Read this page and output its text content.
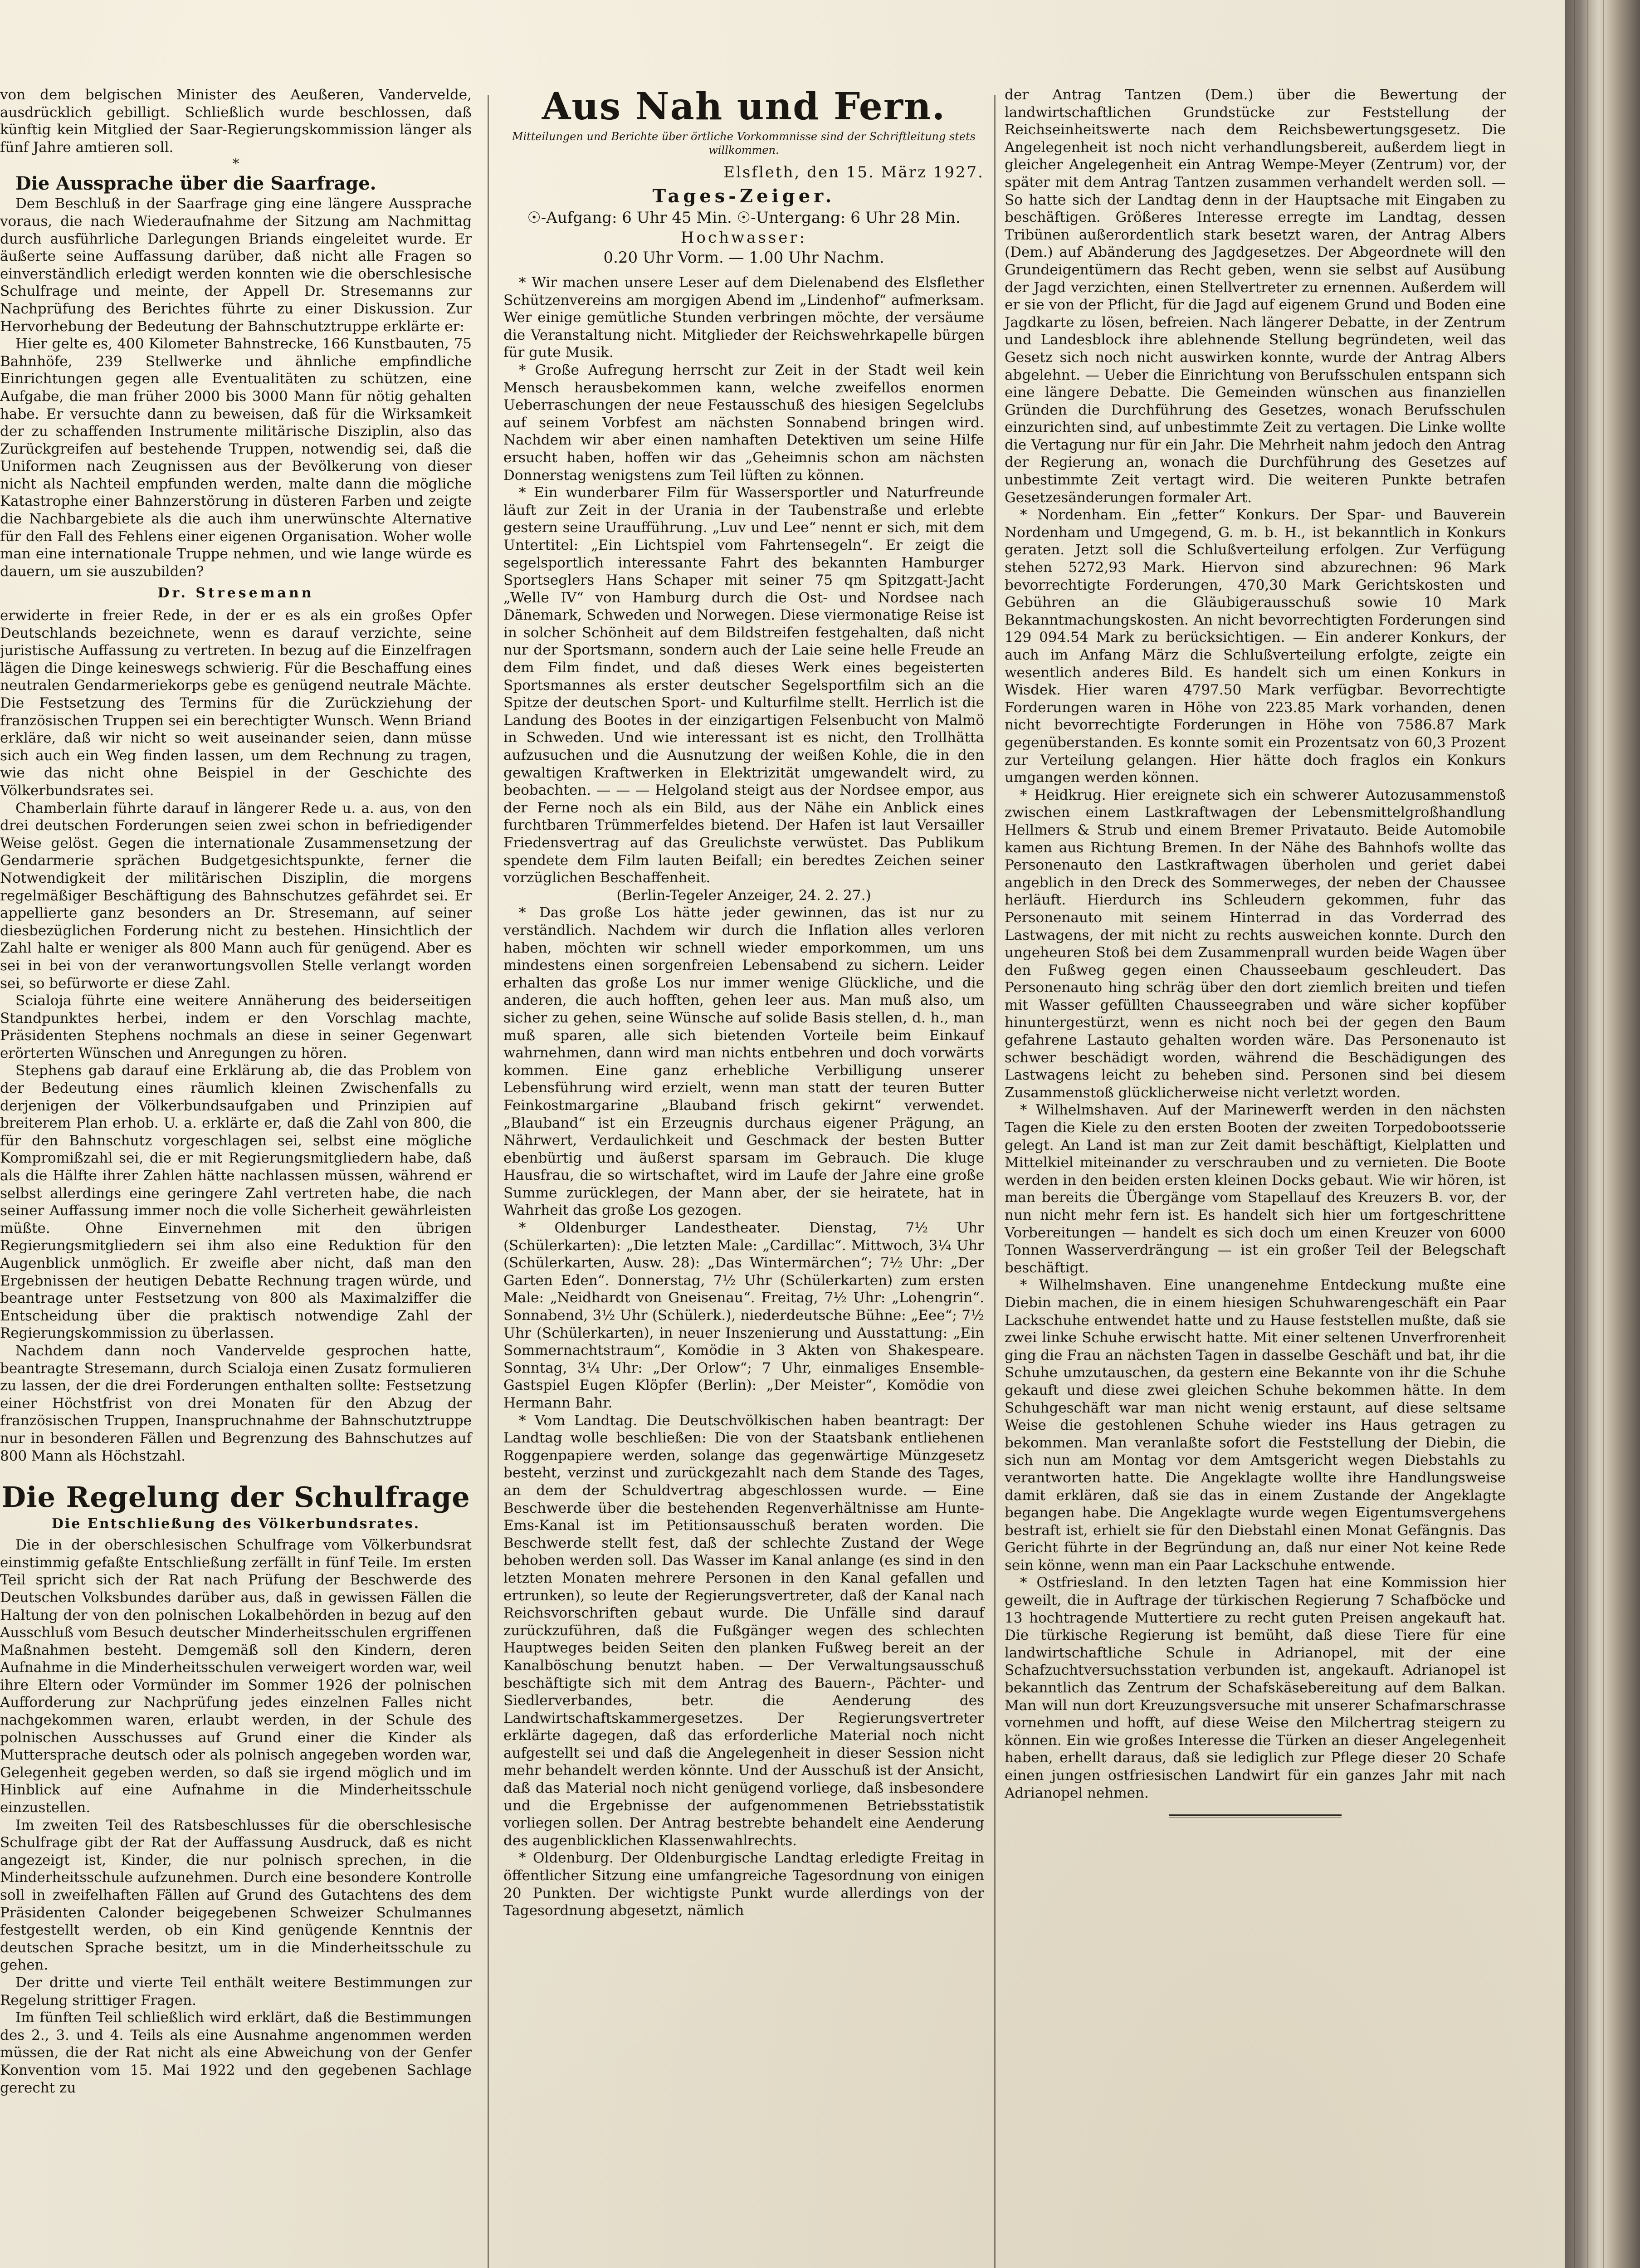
von dem belgischen Minister des Aeußeren, Vandervelde, ausdrücklich gebilligt. Schließlich wurde beschlossen, daß künftig kein Mitglied der Saar-Regierungskommission länger als fünf Jahre amtieren soll.

*

Die Aussprache über die Saarfrage.

Dem Beschluß in der Saarfrage ging eine längere Aussprache voraus, die nach Wiederaufnahme der Sitzung am Nachmittag durch ausführliche Darlegungen Briands eingeleitet wurde. Er äußerte seine Auffassung darüber, daß nicht alle Fragen so einverständlich erledigt werden konnten wie die oberschlesische Schulfrage und meinte, der Appell Dr. Stresemanns zur Nachprüfung des Berichtes führte zu einer Diskussion. Zur Hervorhebung der Bedeutung der Bahnschutztruppe erklärte er:

Hier gelte es, 400 Kilometer Bahnstrecke, 166 Kunstbauten, 75 Bahnhöfe, 239 Stellwerke und ähnliche empfindliche Einrichtungen gegen alle Eventualitäten zu schützen, eine Aufgabe, die man früher 2000 bis 3000 Mann für nötig gehalten habe. Er versuchte dann zu beweisen, daß für die Wirksamkeit der zu schaffenden Instrumente militärische Disziplin, also das Zurückgreifen auf bestehende Truppen, notwendig sei, daß die Uniformen nach Zeugnissen aus der Bevölkerung von dieser nicht als Nachteil empfunden werden, malte dann die mögliche Katastrophe einer Bahnzerstörung in düsteren Farben und zeigte die Nachbargebiete als die auch ihm unerwünschte Alternative für den Fall des Fehlens einer eigenen Organisation. Woher wolle man eine internationale Truppe nehmen, und wie lange würde es dauern, um sie auszubilden?

Dr. Stresemann

erwiderte in freier Rede, in der er es als ein großes Opfer Deutschlands bezeichnete, wenn es darauf verzichte, seine juristische Auffassung zu vertreten. In bezug auf die Einzelfragen lägen die Dinge keineswegs schwierig. Für die Beschaffung eines neutralen Gendarmeriekorps gebe es genügend neutrale Mächte. Die Festsetzung des Termins für die Zurückziehung der französischen Truppen sei ein berechtigter Wunsch. Wenn Briand erkläre, daß wir nicht so weit auseinander seien, dann müsse sich auch ein Weg finden lassen, um dem Rechnung zu tragen, wie das nicht ohne Beispiel in der Geschichte des Völkerbundsrates sei.

Chamberlain führte darauf in längerer Rede u. a. aus, von den drei deutschen Forderungen seien zwei schon in befriedigender Weise gelöst. Gegen die internationale Zusammensetzung der Gendarmerie sprächen Budgetgesichtspunkte, ferner die Notwendigkeit der militärischen Disziplin, die morgens regelmäßiger Beschäftigung des Bahnschutzes gefährdet sei. Er appellierte ganz besonders an Dr. Stresemann, auf seiner diesbezüglichen Forderung nicht zu bestehen. Hinsichtlich der Zahl halte er weniger als 800 Mann auch für genügend. Aber es sei in bei von der veranwortungsvollen Stelle verlangt worden sei, so befürworte er diese Zahl.

Scialoja führte eine weitere Annäherung des beiderseitigen Standpunktes herbei, indem er den Vorschlag machte, Präsidenten Stephens nochmals an diese in seiner Gegenwart erörterten Wünschen und Anregungen zu hören.

Stephens gab darauf eine Erklärung ab, die das Problem von der Bedeutung eines räumlich kleinen Zwischenfalls zu derjenigen der Völkerbundsaufgaben und Prinzipien auf breiterem Plan erhob. U. a. erklärte er, daß die Zahl von 800, die für den Bahnschutz vorgeschlagen sei, selbst eine mögliche Kompromißzahl sei, die er mit Regierungsmitgliedern habe, daß als die Hälfte ihrer Zahlen hätte nachlassen müssen, während er selbst allerdings eine geringere Zahl vertreten habe, die nach seiner Auffassung immer noch die volle Sicherheit gewährleisten müßte. Ohne Einvernehmen mit den übrigen Regierungsmitgliedern sei ihm also eine Reduktion für den Augenblick unmöglich. Er zweifle aber nicht, daß man den Ergebnissen der heutigen Debatte Rechnung tragen würde, und beantrage unter Festsetzung von 800 als Maximalziffer die Entscheidung über die praktisch notwendige Zahl der Regierungskommission zu überlassen.

Nachdem dann noch Vandervelde gesprochen hatte, beantragte Stresemann, durch Scialoja einen Zusatz formulieren zu lassen, der die drei Forderungen enthalten sollte: Festsetzung einer Höchstfrist von drei Monaten für den Abzug der französischen Truppen, Inanspruchnahme der Bahnschutztruppe nur in besonderen Fällen und Begrenzung des Bahnschutzes auf 800 Mann als Höchstzahl.

Die Regelung der Schulfrage
Die Entschließung des Völkerbundsrates.

Die in der oberschlesischen Schulfrage vom Völkerbundsrat einstimmig gefaßte Entschließung zerfällt in fünf Teile. Im ersten Teil spricht sich der Rat nach Prüfung der Beschwerde des Deutschen Volksbundes darüber aus, daß in gewissen Fällen die Haltung der von den polnischen Lokalbehörden in bezug auf den Ausschluß vom Besuch deutscher Minderheitsschulen ergriffenen Maßnahmen besteht. Demgemäß soll den Kindern, deren Aufnahme in die Minderheitsschulen verweigert worden war, weil ihre Eltern oder Vormünder im Sommer 1926 der polnischen Aufforderung zur Nachprüfung jedes einzelnen Falles nicht nachgekommen waren, erlaubt werden, in der Schule des polnischen Ausschusses auf Grund einer die Kinder als Muttersprache deutsch oder als polnisch angegeben worden war, Gelegenheit gegeben werden, so daß sie irgend möglich und im Hinblick auf eine Aufnahme in die Minderheitsschule einzustellen.

Im zweiten Teil des Ratsbeschlusses für die oberschlesische Schulfrage gibt der Rat der Auffassung Ausdruck, daß es nicht angezeigt ist, Kinder, die nur polnisch sprechen, in die Minderheitsschule aufzunehmen. Durch eine besondere Kontrolle soll in zweifelhaften Fällen auf Grund des Gutachtens des dem Präsidenten Calonder beigegebenen Schweizer Schulmannes festgestellt werden, ob ein Kind genügende Kenntnis der deutschen Sprache besitzt, um in die Minderheitsschule zu gehen.

Der dritte und vierte Teil enthält weitere Bestimmungen zur Regelung strittiger Fragen.

Im fünften Teil schließlich wird erklärt, daß die Bestimmungen des 2., 3. und 4. Teils als eine Ausnahme angenommen werden müssen, die der Rat nicht als eine Abweichung von der Genfer Konvention vom 15. Mai 1922 und den gegebenen Sachlage gerecht zu

Aus Nah und Fern.
Mitteilungen und Berichte über örtliche Vorkommnisse sind der Schriftleitung stets willkommen.
Elsfleth, den 15. März 1927.
Tages-Zeiger.
☉-Aufgang: 6 Uhr 45 Min. ☉-Untergang: 6 Uhr 28 Min.
Hochwasser:
0.20 Uhr Vorm. — 1.00 Uhr Nachm.

* Wir machen unsere Leser auf dem Dielenabend des Elsflether Schützenvereins am morgigen Abend im „Lindenhof“ aufmerksam. Wer einige gemütliche Stunden verbringen möchte, der versäume die Veranstaltung nicht. Mitglieder der Reichswehrkapelle bürgen für gute Musik.

* Große Aufregung herrscht zur Zeit in der Stadt weil kein Mensch herausbekommen kann, welche zweifellos enormen Ueberraschungen der neue Festausschuß des hiesigen Segelclubs auf seinem Vorbfest am nächsten Sonnabend bringen wird. Nachdem wir aber einen namhaften Detektiven um seine Hilfe ersucht haben, hoffen wir das „Geheimnis schon am nächsten Donnerstag wenigstens zum Teil lüften zu können.

* Ein wunderbarer Film für Wassersportler und Naturfreunde läuft zur Zeit in der Urania in der Taubenstraße und erlebte gestern seine Uraufführung. „Luv und Lee“ nennt er sich, mit dem Untertitel: „Ein Lichtspiel vom Fahrtensegeln“. Er zeigt die segelsportlich interessante Fahrt des bekannten Hamburger Sportseglers Hans Schaper mit seiner 75 qm Spitzgatt-Jacht „Welle IV“ von Hamburg durch die Ost- und Nordsee nach Dänemark, Schweden und Norwegen. Diese viermonatige Reise ist in solcher Schönheit auf dem Bildstreifen festgehalten, daß nicht nur der Sportsmann, sondern auch der Laie seine helle Freude an dem Film findet, und daß dieses Werk eines begeisterten Sportsmannes als erster deutscher Segelsportfilm sich an die Spitze der deutschen Sport- und Kulturfilme stellt. Herrlich ist die Landung des Bootes in der einzigartigen Felsenbucht von Malmö in Schweden. Und wie interessant ist es nicht, den Trollhätta aufzusuchen und die Ausnutzung der weißen Kohle, die in den gewaltigen Kraftwerken in Elektrizität umgewandelt wird, zu beobachten. — — — Helgoland steigt aus der Nordsee empor, aus der Ferne noch als ein Bild, aus der Nähe ein Anblick eines furchtbaren Trümmerfeldes bietend. Der Hafen ist laut Versailler Friedensvertrag auf das Greulichste verwüstet. Das Publikum spendete dem Film lauten Beifall; ein beredtes Zeichen seiner vorzüglichen Beschaffenheit.

(Berlin-Tegeler Anzeiger, 24. 2. 27.)

* Das große Los hätte jeder gewinnen, das ist nur zu verständlich. Nachdem wir durch die Inflation alles verloren haben, möchten wir schnell wieder emporkommen, um uns mindestens einen sorgenfreien Lebensabend zu sichern. Leider erhalten das große Los nur immer wenige Glückliche, und die anderen, die auch hofften, gehen leer aus. Man muß also, um sicher zu gehen, seine Wünsche auf solide Basis stellen, d. h., man muß sparen, alle sich bietenden Vorteile beim Einkauf wahrnehmen, dann wird man nichts entbehren und doch vorwärts kommen. Eine ganz erhebliche Verbilligung unserer Lebensführung wird erzielt, wenn man statt der teuren Butter Feinkostmargarine „Blauband frisch gekirnt“ verwendet. „Blauband“ ist ein Erzeugnis durchaus eigener Prägung, an Nährwert, Verdaulichkeit und Geschmack der besten Butter ebenbürtig und äußerst sparsam im Gebrauch. Die kluge Hausfrau, die so wirtschaftet, wird im Laufe der Jahre eine große Summe zurücklegen, der Mann aber, der sie heiratete, hat in Wahrheit das große Los gezogen.

* Oldenburger Landestheater. Dienstag, 7½ Uhr (Schülerkarten): „Die letzten Male: „Cardillac“. Mittwoch, 3¼ Uhr (Schülerkarten, Ausw. 28): „Das Wintermärchen“; 7½ Uhr: „Der Garten Eden“. Donnerstag, 7½ Uhr (Schülerkarten) zum ersten Male: „Neidhardt von Gneisenau“. Freitag, 7½ Uhr: „Lohengrin“. Sonnabend, 3½ Uhr (Schülerk.), niederdeutsche Bühne: „Eee“; 7½ Uhr (Schülerkarten), in neuer Inszenierung und Ausstattung: „Ein Sommernachtstraum“, Komödie in 3 Akten von Shakespeare. Sonntag, 3¼ Uhr: „Der Orlow“; 7 Uhr, einmaliges Ensemble-Gastspiel Eugen Klöpfer (Berlin): „Der Meister“, Komödie von Hermann Bahr.

* Vom Landtag. Die Deutschvölkischen haben beantragt: Der Landtag wolle beschließen: Die von der Staatsbank entliehenen Roggenpapiere werden, solange das gegenwärtige Münzgesetz besteht, verzinst und zurückgezahlt nach dem Stande des Tages, an dem der Schuldvertrag abgeschlossen wurde. — Eine Beschwerde über die bestehenden Regenverhältnisse am Hunte-Ems-Kanal ist im Petitionsausschuß beraten worden. Die Beschwerde stellt fest, daß der schlechte Zustand der Wege behoben werden soll. Das Wasser im Kanal anlange (es sind in den letzten Monaten mehrere Personen in den Kanal gefallen und ertrunken), so leute der Regierungsvertreter, daß der Kanal nach Reichsvorschriften gebaut wurde. Die Unfälle sind darauf zurückzuführen, daß die Fußgänger wegen des schlechten Hauptweges beiden Seiten den planken Fußweg bereit an der Kanalböschung benutzt haben. — Der Verwaltungsausschuß beschäftigte sich mit dem Antrag des Bauern-, Pächter- und Siedlerverbandes, betr. die Aenderung des Landwirtschaftskammergesetzes. Der Regierungsvertreter erklärte dagegen, daß das erforderliche Material noch nicht aufgestellt sei und daß die Angelegenheit in dieser Session nicht mehr behandelt werden könnte. Und der Ausschuß ist der Ansicht, daß das Material noch nicht genügend vorliege, daß insbesondere und die Ergebnisse der aufgenommenen Betriebsstatistik vorliegen sollen. Der Antrag bestrebte behandelt eine Aenderung des augenblicklichen Klassenwahlrechts.

* Oldenburg. Der Oldenburgische Landtag erledigte Freitag in öffentlicher Sitzung eine umfangreiche Tagesordnung von einigen 20 Punkten. Der wichtigste Punkt wurde allerdings von der Tagesordnung abgesetzt, nämlich

der Antrag Tantzen (Dem.) über die Bewertung der landwirtschaftlichen Grundstücke zur Feststellung der Reichseinheitswerte nach dem Reichsbewertungsgesetz. Die Angelegenheit ist noch nicht verhandlungsbereit, außerdem liegt in gleicher Angelegenheit ein Antrag Wempe-Meyer (Zentrum) vor, der später mit dem Antrag Tantzen zusammen verhandelt werden soll. — So hatte sich der Landtag denn in der Hauptsache mit Eingaben zu beschäftigen. Größeres Interesse erregte im Landtag, dessen Tribünen außerordentlich stark besetzt waren, der Antrag Albers (Dem.) auf Abänderung des Jagdgesetzes. Der Abgeordnete will den Grundeigentümern das Recht geben, wenn sie selbst auf Ausübung der Jagd verzichten, einen Stellvertreter zu ernennen. Außerdem will er sie von der Pflicht, für die Jagd auf eigenem Grund und Boden eine Jagdkarte zu lösen, befreien. Nach längerer Debatte, in der Zentrum und Landesblock ihre ablehnende Stellung begründeten, weil das Gesetz sich noch nicht auswirken konnte, wurde der Antrag Albers abgelehnt. — Ueber die Einrichtung von Berufsschulen entspann sich eine längere Debatte. Die Gemeinden wünschen aus finanziellen Gründen die Durchführung des Gesetzes, wonach Berufsschulen einzurichten sind, auf unbestimmte Zeit zu vertagen. Die Linke wollte die Vertagung nur für ein Jahr. Die Mehrheit nahm jedoch den Antrag der Regierung an, wonach die Durchführung des Gesetzes auf unbestimmte Zeit vertagt wird. Die weiteren Punkte betrafen Gesetzesänderungen formaler Art.

* Nordenham. Ein „fetter“ Konkurs. Der Spar- und Bauverein Nordenham und Umgegend, G. m. b. H., ist bekanntlich in Konkurs geraten. Jetzt soll die Schlußverteilung erfolgen. Zur Verfügung stehen 5272,93 Mark. Hiervon sind abzurechnen: 96 Mark bevorrechtigte Forderungen, 470,30 Mark Gerichtskosten und Gebühren an die Gläubigerausschuß sowie 10 Mark Bekanntmachungskosten. An nicht bevorrechtigten Forderungen sind 129 094.54 Mark zu berücksichtigen. — Ein anderer Konkurs, der auch im Anfang März die Schlußverteilung erfolgte, zeigte ein wesentlich anderes Bild. Es handelt sich um einen Konkurs in Wisdek. Hier waren 4797.50 Mark verfügbar. Bevorrechtigte Forderungen waren in Höhe von 223.85 Mark vorhanden, denen nicht bevorrechtigte Forderungen in Höhe von 7586.87 Mark gegenüberstanden. Es konnte somit ein Prozentsatz von 60,3 Prozent zur Verteilung gelangen. Hier hätte doch fraglos ein Konkurs umgangen werden können.

* Heidkrug. Hier ereignete sich ein schwerer Autozusammenstoß zwischen einem Lastkraftwagen der Lebensmittelgroßhandlung Hellmers & Strub und einem Bremer Privatauto. Beide Automobile kamen aus Richtung Bremen. In der Nähe des Bahnhofs wollte das Personenauto den Lastkraftwagen überholen und geriet dabei angeblich in den Dreck des Sommerweges, der neben der Chaussee herläuft. Hierdurch ins Schleudern gekommen, fuhr das Personenauto mit seinem Hinterrad in das Vorderrad des Lastwagens, der mit nicht zu rechts ausweichen konnte. Durch den ungeheuren Stoß bei dem Zusammenprall wurden beide Wagen über den Fußweg gegen einen Chausseebaum geschleudert. Das Personenauto hing schräg über den dort ziemlich breiten und tiefen mit Wasser gefüllten Chausseegraben und wäre sicher kopfüber hinuntergestürzt, wenn es nicht noch bei der gegen den Baum gefahrene Lastauto gehalten worden wäre. Das Personenauto ist schwer beschädigt worden, während die Beschädigungen des Lastwagens leicht zu beheben sind. Personen sind bei diesem Zusammenstoß glücklicherweise nicht verletzt worden.

* Wilhelmshaven. Auf der Marinewerft werden in den nächsten Tagen die Kiele zu den ersten Booten der zweiten Torpedobootsserie gelegt. An Land ist man zur Zeit damit beschäftigt, Kielplatten und Mittelkiel miteinander zu verschrauben und zu vernieten. Die Boote werden in den beiden ersten kleinen Docks gebaut. Wie wir hören, ist man bereits die Übergänge vom Stapellauf des Kreuzers B. vor, der nun nicht mehr fern ist. Es handelt sich hier um fortgeschrittene Vorbereitungen — handelt es sich doch um einen Kreuzer von 6000 Tonnen Wasserverdrängung — ist ein großer Teil der Belegschaft beschäftigt.

* Wilhelmshaven. Eine unangenehme Entdeckung mußte eine Diebin machen, die in einem hiesigen Schuhwarengeschäft ein Paar Lackschuhe entwendet hatte und zu Hause feststellen mußte, daß sie zwei linke Schuhe erwischt hatte. Mit einer seltenen Unverfrorenheit ging die Frau an nächsten Tagen in dasselbe Geschäft und bat, ihr die Schuhe umzutauschen, da gestern eine Bekannte von ihr die Schuhe gekauft und diese zwei gleichen Schuhe bekommen hätte. In dem Schuhgeschäft war man nicht wenig erstaunt, auf diese seltsame Weise die gestohlenen Schuhe wieder ins Haus getragen zu bekommen. Man veranlaßte sofort die Feststellung der Diebin, die sich nun am Montag vor dem Amtsgericht wegen Diebstahls zu verantworten hatte. Die Angeklagte wollte ihre Handlungsweise damit erklären, daß sie das in einem Zustande der Angeklagte begangen habe. Die Angeklagte wurde wegen Eigentumsvergehens bestraft ist, erhielt sie für den Diebstahl einen Monat Gefängnis. Das Gericht führte in der Begründung an, daß nur einer Not keine Rede sein könne, wenn man ein Paar Lackschuhe entwende.

* Ostfriesland. In den letzten Tagen hat eine Kommission hier geweilt, die in Auftrage der türkischen Regierung 7 Schafböcke und 13 hochtragende Muttertiere zu recht guten Preisen angekauft hat. Die türkische Regierung ist bemüht, daß diese Tiere für eine landwirtschaftliche Schule in Adrianopel, mit der eine Schafzuchtversuchsstation verbunden ist, angekauft. Adrianopel ist bekanntlich das Zentrum der Schafskäsebereitung auf dem Balkan. Man will nun dort Kreuzungsversuche mit unserer Schafmarschrasse vornehmen und hofft, auf diese Weise den Milchertrag steigern zu können. Ein wie großes Interesse die Türken an dieser Angelegenheit haben, erhellt daraus, daß sie lediglich zur Pflege dieser 20 Schafe einen jungen ostfriesischen Landwirt für ein ganzes Jahr mit nach Adrianopel nehmen.
